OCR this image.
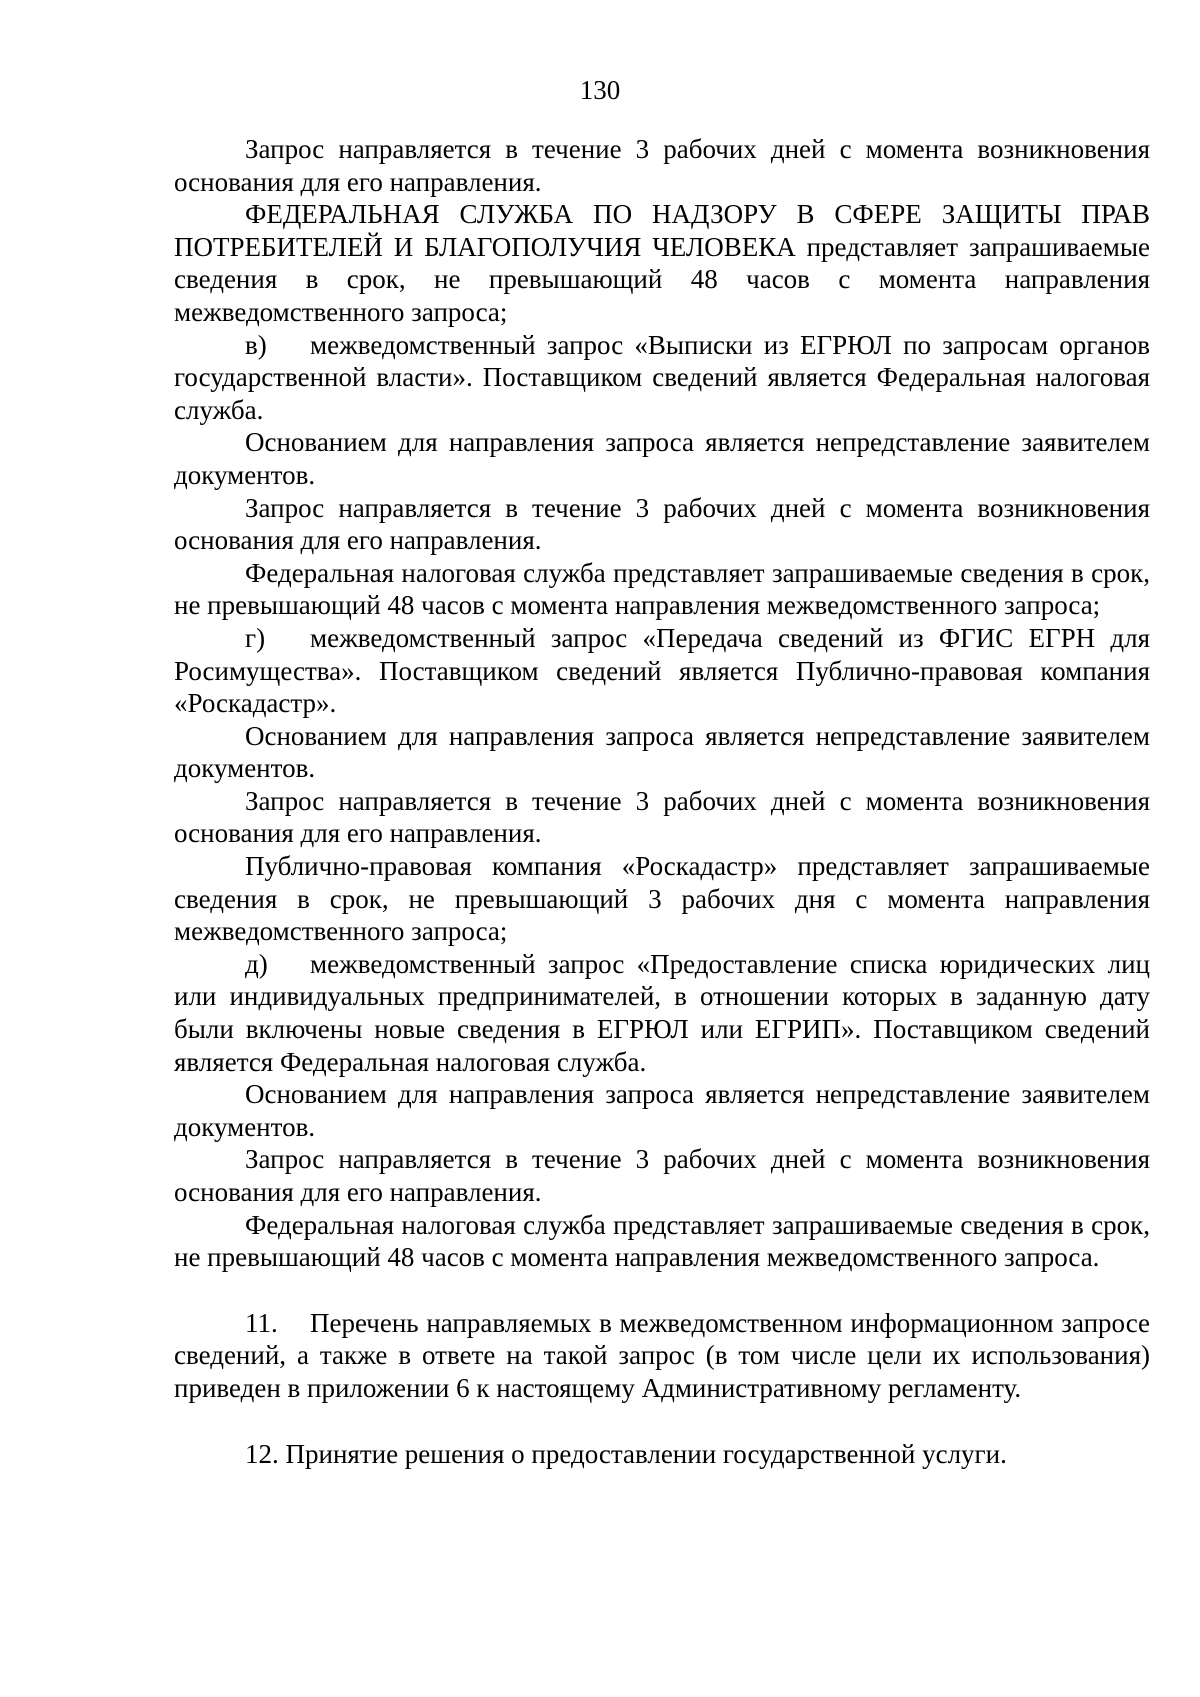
130

Запрос направляется в течение 3 рабочих дней с момента возникновения основания для его направления.

ФЕДЕРАЛЬНАЯ СЛУЖБА ПО НАДЗОРУ В СФЕРЕ ЗАЩИТЫ ПРАВ ПОТРЕБИТЕЛЕЙ И БЛАГОПОЛУЧИЯ ЧЕЛОВЕКА представляет запрашиваемые сведения в срок, не превышающий 48 часов с момента направления межведомственного запроса;

в) межведомственный запрос «Выписки из ЕГРЮЛ по запросам органов государственной власти». Поставщиком сведений является Федеральная налоговая служба.

Основанием для направления запроса является непредставление заявителем документов.

Запрос направляется в течение 3 рабочих дней с момента возникновения основания для его направления.

Федеральная налоговая служба представляет запрашиваемые сведения в срок, не превышающий 48 часов с момента направления межведомственного запроса;

г) межведомственный запрос «Передача сведений из ФГИС ЕГРН для Росимущества». Поставщиком сведений является Публично-правовая компания «Роскадастр».

Основанием для направления запроса является непредставление заявителем документов.

Запрос направляется в течение 3 рабочих дней с момента возникновения основания для его направления.

Публично-правовая компания «Роскадастр» представляет запрашиваемые сведения в срок, не превышающий 3 рабочих дня с момента направления межведомственного запроса;

д) межведомственный запрос «Предоставление списка юридических лиц или индивидуальных предпринимателей, в отношении которых в заданную дату были включены новые сведения в ЕГРЮЛ или ЕГРИП». Поставщиком сведений является Федеральная налоговая служба.

Основанием для направления запроса является непредставление заявителем документов.

Запрос направляется в течение 3 рабочих дней с момента возникновения основания для его направления.

Федеральная налоговая служба представляет запрашиваемые сведения в срок, не превышающий 48 часов с момента направления межведомственного запроса.

11. Перечень направляемых в межведомственном информационном запросе сведений, а также в ответе на такой запрос (в том числе цели их использования) приведен в приложении 6 к настоящему Административному регламенту.

12. Принятие решения о предоставлении государственной услуги.
